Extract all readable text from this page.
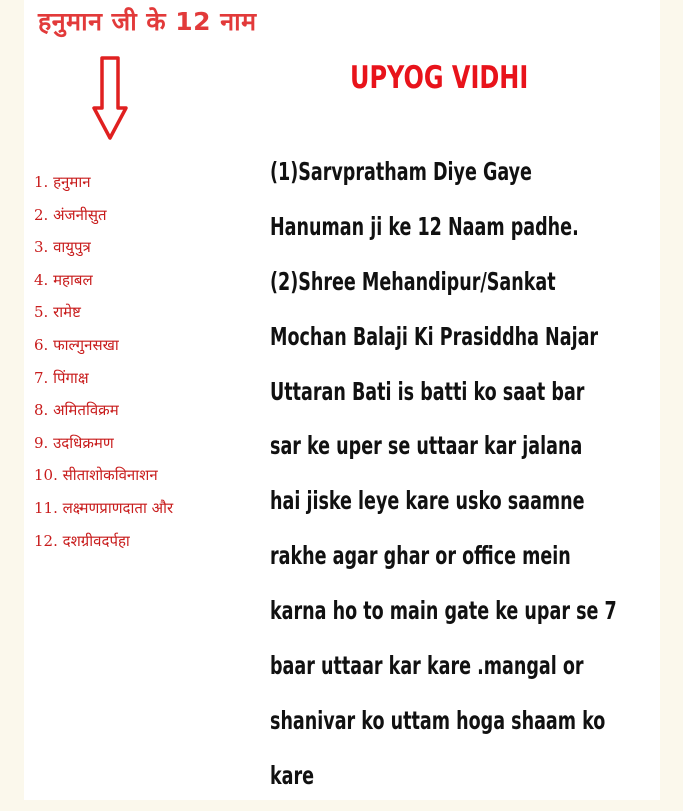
हनुमान जी के 12 नाम
UPYOG VIDHI
1. हनुमान
2. अंजनीसुत
3. वायुपुत्र
4. महाबल
5. रामेष्ट
6. फाल्गुनसखा
7. पिंगाक्ष
8. अमितविक्रम
9. उदधिक्रमण
10. सीताशोकविनाशन
11. लक्ष्मणप्राणदाता और
12. दशग्रीवदर्पहा
(1)Sarvpratham Diye Gaye
Hanuman ji ke 12 Naam padhe.
(2)Shree Mehandipur/Sankat
Mochan Balaji Ki Prasiddha Najar
Uttaran Bati is batti ko saat bar
sar ke uper se uttaar kar jalana
hai jiske leye kare usko saamne
rakhe agar ghar or office mein
karna ho to main gate ke upar se 7
baar uttaar kar kare .mangal or
shanivar ko uttam hoga shaam ko
kare
